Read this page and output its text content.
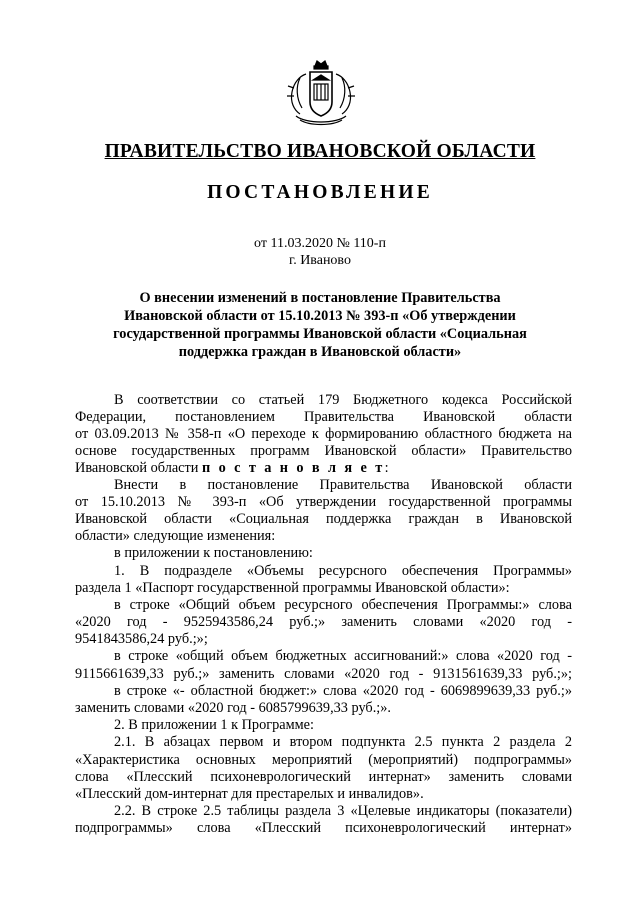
ПРАВИТЕЛЬСТВО ИВАНОВСКОЙ ОБЛАСТИ
ПОСТАНОВЛЕНИЕ
от 11.03.2020 № 110-п
г. Иваново
О внесении изменений в постановление Правительства
Ивановской области от 15.10.2013 № 393-п «Об утверждении
государственной программы Ивановской области «Социальная
поддержка граждан в Ивановской области»
В соответствии со статьей 179 Бюджетного кодекса Российской
Федерации, постановлением Правительства Ивановской области
от 03.09.2013 № 358-п «О переходе к формированию областного бюджета на
основе государственных программ Ивановской области» Правительство
Ивановской области п о с т а н о в л я е т:
Внести в постановление Правительства Ивановской области
от 15.10.2013 № 393-п «Об утверждении государственной программы
Ивановской области «Социальная поддержка граждан в Ивановской
области» следующие изменения:
в приложении к постановлению:
1. В подразделе «Объемы ресурсного обеспечения Программы»
раздела 1 «Паспорт государственной программы Ивановской области»:
в строке «Общий объем ресурсного обеспечения Программы:» слова
«2020 год - 9525943586,24 руб.;» заменить словами «2020 год -
9541843586,24 руб.;»;
в строке «общий объем бюджетных ассигнований:» слова «2020 год -
9115661639,33 руб.;» заменить словами «2020 год - 9131561639,33 руб.;»;
в строке «- областной бюджет:» слова «2020 год - 6069899639,33 руб.;»
заменить словами «2020 год - 6085799639,33 руб.;».
2. В приложении 1 к Программе:
2.1. В абзацах первом и втором подпункта 2.5 пункта 2 раздела 2
«Характеристика основных мероприятий (мероприятий) подпрограммы»
слова «Плесский психоневрологический интернат» заменить словами
«Плесский дом-интернат для престарелых и инвалидов».
2.2. В строке 2.5 таблицы раздела 3 «Целевые индикаторы (показатели)
подпрограммы» слова «Плесский психоневрологический интернат»
